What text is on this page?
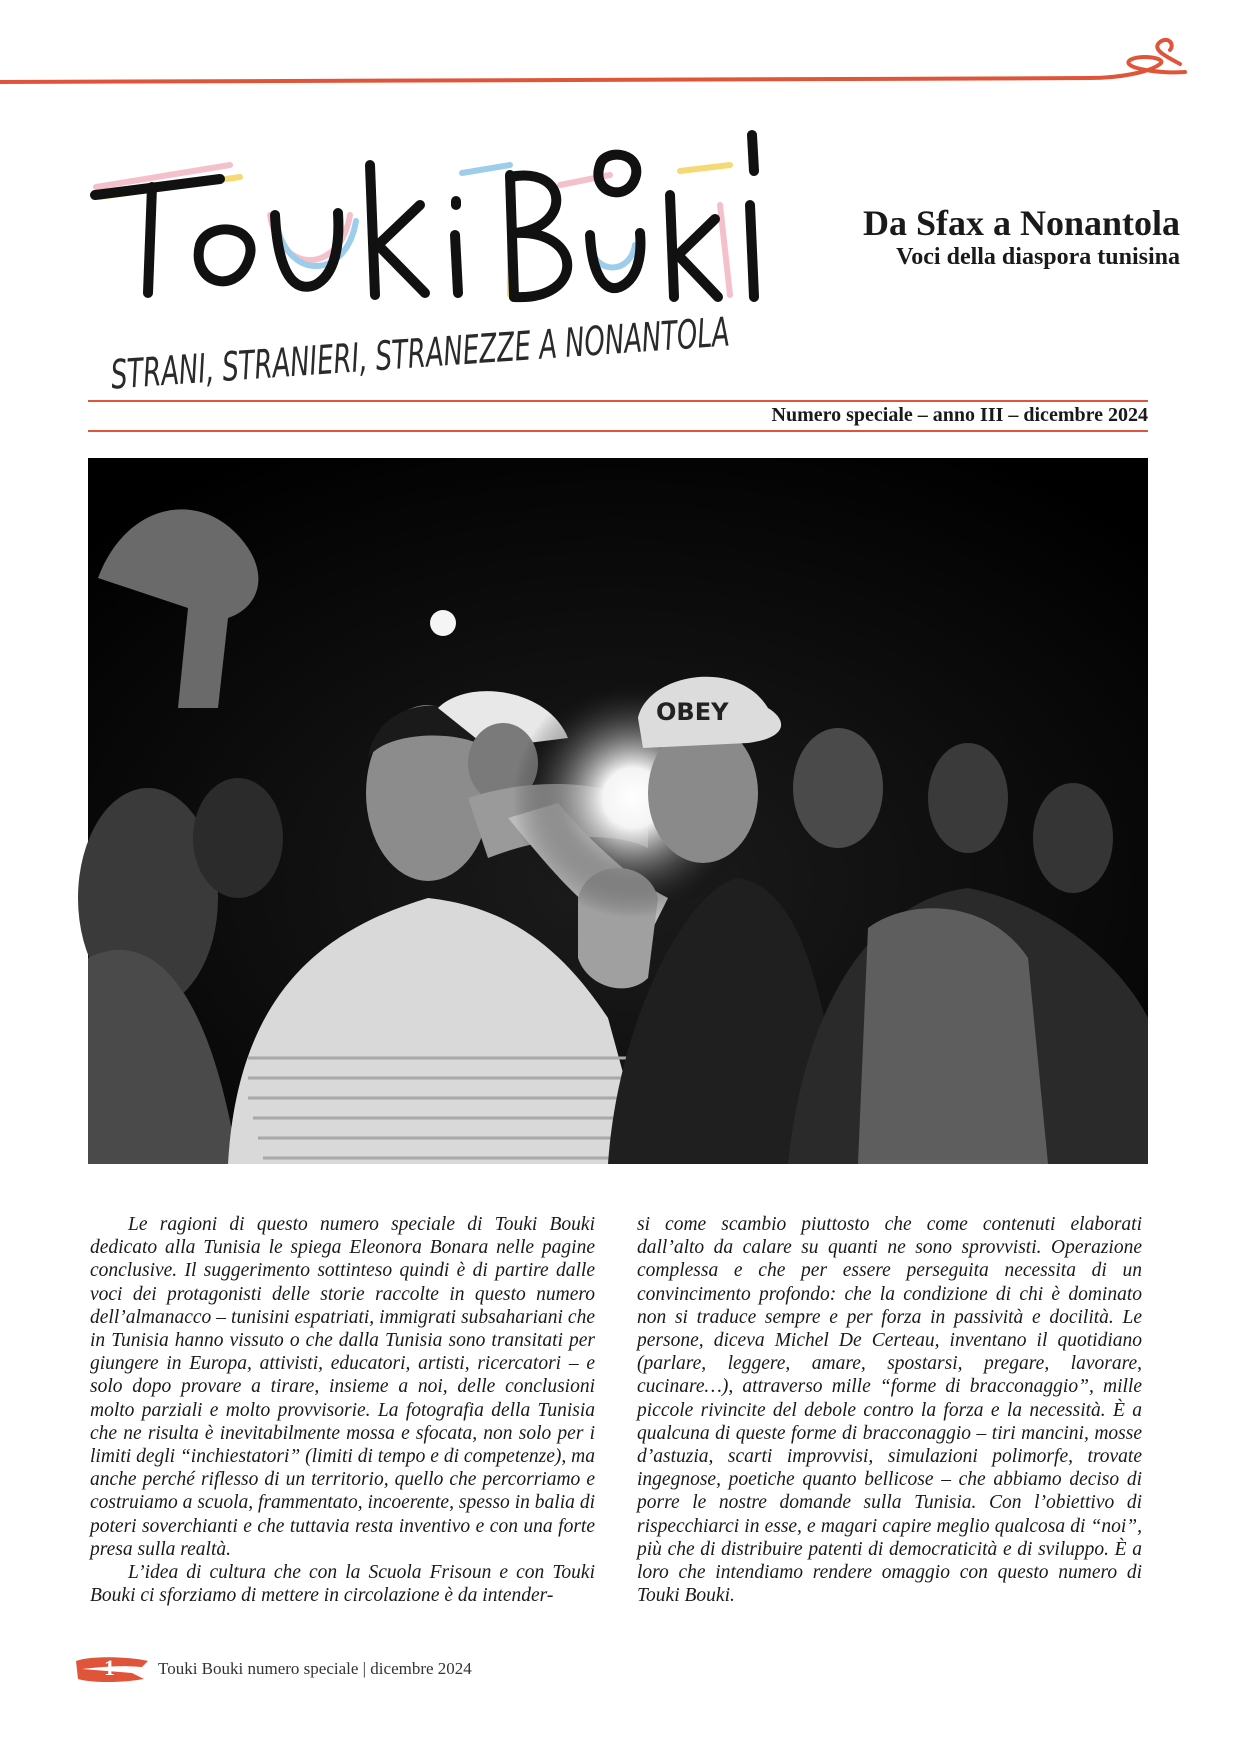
STRANI, STRANIERI, STRANEZZE A NONANTOLA
Da Sfax a Nonantola
Voci della diaspora tunisina
Numero speciale – anno III – dicembre 2024
OBEY

Le ragioni di questo numero speciale di Touki Bouki dedicato alla Tunisia le spiega Eleonora Bonara nelle pagine conclusive. Il suggerimento sottinteso quindi è di partire dalle voci dei protagonisti delle storie raccolte in questo numero dell’almanacco – tunisini espatriati, immigrati subsahariani che in Tunisia hanno vissuto o che dalla Tunisia sono transitati per giungere in Europa, attivisti, educatori, artisti, ricercatori – e solo dopo provare a tirare, insieme a noi, delle conclusioni molto parziali e molto provvisorie. La fotografia della Tunisia che ne risulta è inevitabilmente mossa e sfocata, non solo per i limiti degli “inchiestatori” (limiti di tempo e di competenze), ma anche perché riflesso di un territorio, quello che percorriamo e costruiamo a scuola, frammentato, incoerente, spesso in balia di poteri soverchianti e che tuttavia resta inventivo e con una forte presa sulla realtà.

L’idea di cultura che con la Scuola Frisoun e con Touki Bouki ci sforziamo di mettere in circolazione è da intender-

si come scambio piuttosto che come contenuti elaborati dall’alto da calare su quanti ne sono sprovvisti. Operazione complessa e che per essere perseguita necessita di un convincimento profondo: che la condizione di chi è dominato non si traduce sempre e per forza in passività e docilità. Le persone, diceva Michel De Certeau, inventano il quotidiano (parlare, leggere, amare, spostarsi, pregare, lavorare, cucinare…), attraverso mille “forme di bracconaggio”, mille piccole rivincite del debole contro la forza e la necessità. È a qualcuna di queste forme di bracconaggio – tiri mancini, mosse d’astuzia, scarti improvvisi, simulazioni polimorfe, trovate ingegnose, poetiche quanto bellicose – che abbiamo deciso di porre le nostre domande sulla Tunisia. Con l’obiettivo di rispecchiarci in esse, e magari capire meglio qualcosa di “noi”, più che di distribuire patenti di democraticità e di sviluppo. È a loro che intendiamo rendere omaggio con questo numero di Touki Bouki.

1	Touki Bouki numero speciale | dicembre 2024
